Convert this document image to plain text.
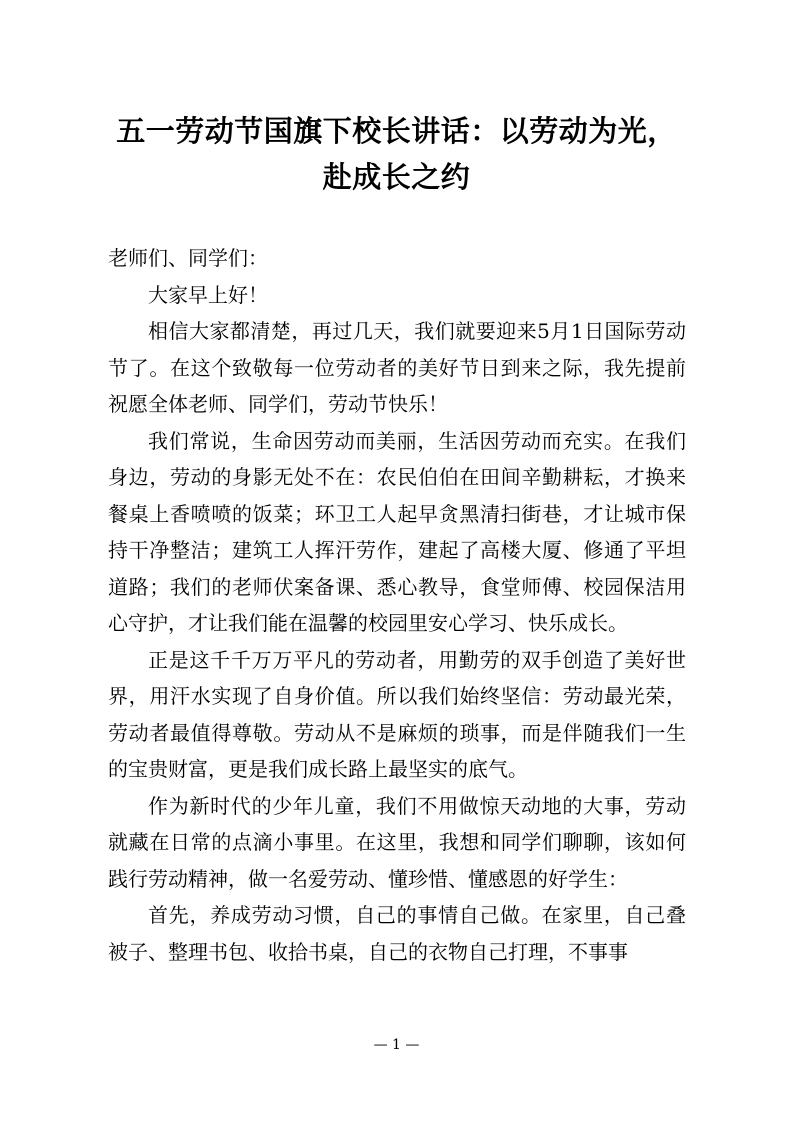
五一劳动节国旗下校长讲话：以劳动为光，
赴成长之约

老师们、同学们：

大家早上好！

相信大家都清楚，再过几天，我们就要迎来5月1日国际劳动节了。在这个致敬每一位劳动者的美好节日到来之际，我先提前祝愿全体老师、同学们，劳动节快乐！

我们常说，生命因劳动而美丽，生活因劳动而充实。在我们身边，劳动的身影无处不在：农民伯伯在田间辛勤耕耘，才换来餐桌上香喷喷的饭菜；环卫工人起早贪黑清扫街巷，才让城市保持干净整洁；建筑工人挥汗劳作，建起了高楼大厦、修通了平坦道路；我们的老师伏案备课、悉心教导，食堂师傅、校园保洁用心守护，才让我们能在温馨的校园里安心学习、快乐成长。

正是这千千万万平凡的劳动者，用勤劳的双手创造了美好世界，用汗水实现了自身价值。所以我们始终坚信：劳动最光荣，劳动者最值得尊敬。劳动从不是麻烦的琐事，而是伴随我们一生的宝贵财富，更是我们成长路上最坚实的底气。

作为新时代的少年儿童，我们不用做惊天动地的大事，劳动就藏在日常的点滴小事里。在这里，我想和同学们聊聊，该如何践行劳动精神，做一名爱劳动、懂珍惜、懂感恩的好学生：

首先，养成劳动习惯，自己的事情自己做。在家里，自己叠被子、整理书包、收拾书桌，自己的衣物自己打理，不事事

— 1 —
